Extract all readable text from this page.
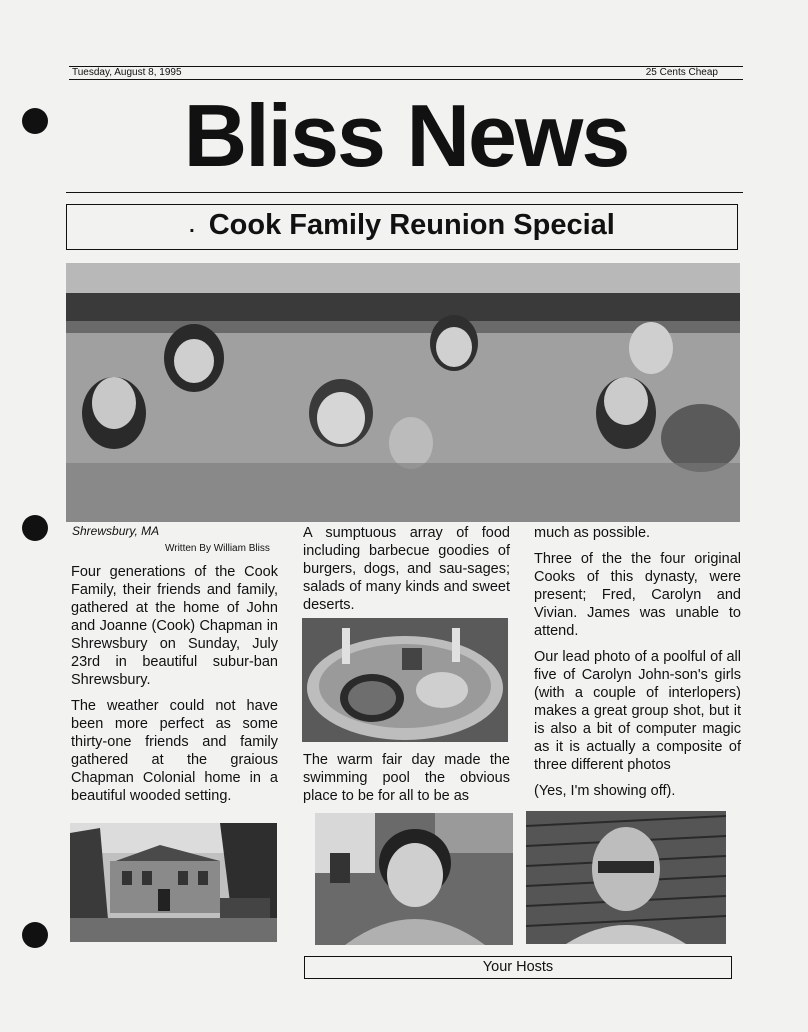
Tuesday, August 8, 1995	25 Cents Cheap
Bliss News
. Cook Family Reunion Special
Shrewsbury, MA
Written By William Bliss

Four generations of the Cook Family, their friends and family, gathered at the home of John and Joanne (Cook) Chapman in Shrewsbury on Sunday, July 23rd in beautiful subur-ban Shrewsbury.

The weather could not have been more perfect as some thirty-one friends and family gathered at the graious Chapman Colonial home in a beautiful wooded setting.

A sumptuous array of food including barbecue goodies of burgers, dogs, and sau-sages; salads of many kinds and sweet deserts.

The warm fair day made the swimming pool the obvious place to be for all to be as

much as possible.

Three of the the four original Cooks of this dynasty, were present; Fred, Carolyn and Vivian. James was unable to attend.

Our lead photo of a poolful of all five of Carolyn John-son's girls (with a couple of interlopers) makes a great group shot, but it is also a bit of computer magic as it is actually a composite of three different photos

(Yes, I'm showing off).

Your Hosts
